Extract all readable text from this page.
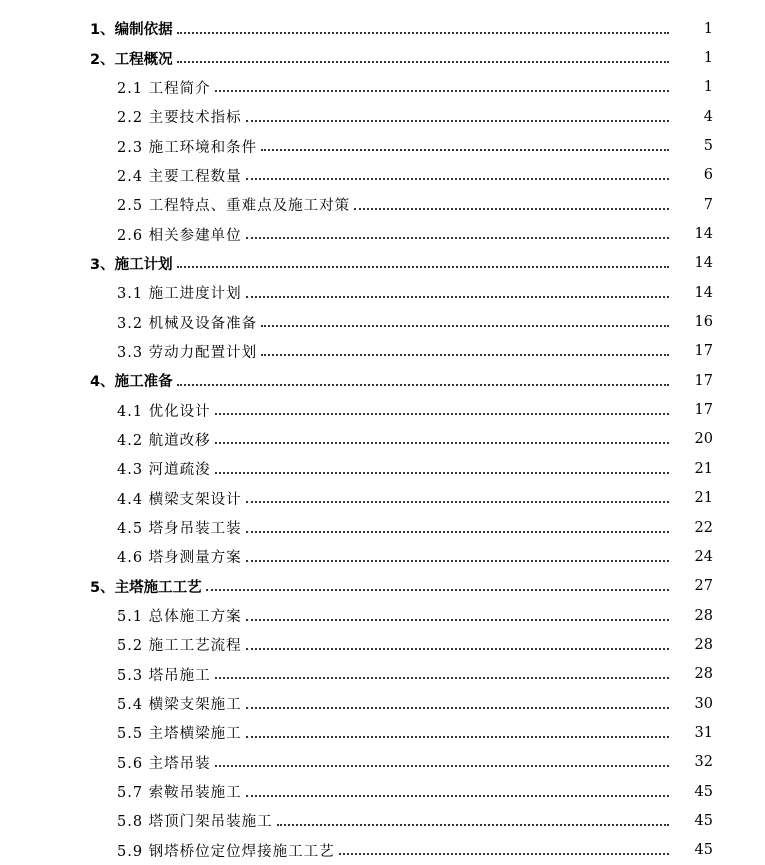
1、编制依据	1
2、工程概况	1
2.1 工程简介	1
2.2 主要技术指标	4
2.3 施工环境和条件	5
2.4 主要工程数量	6
2.5 工程特点、重难点及施工对策	7
2.6 相关参建单位	14
3、施工计划	14
3.1 施工进度计划	14
3.2 机械及设备准备	16
3.3 劳动力配置计划	17
4、施工准备	17
4.1 优化设计	17
4.2 航道改移	20
4.3 河道疏浚	21
4.4 横梁支架设计	21
4.5 塔身吊装工装	22
4.6 塔身测量方案	24
5、主塔施工工艺	27
5.1 总体施工方案	28
5.2 施工工艺流程	28
5.3 塔吊施工	28
5.4 横梁支架施工	30
5.5 主塔横梁施工	31
5.6 主塔吊装	32
5.7 索鞍吊装施工	45
5.8 塔顶门架吊装施工	45
5.9 钢塔桥位定位焊接施工工艺	45
